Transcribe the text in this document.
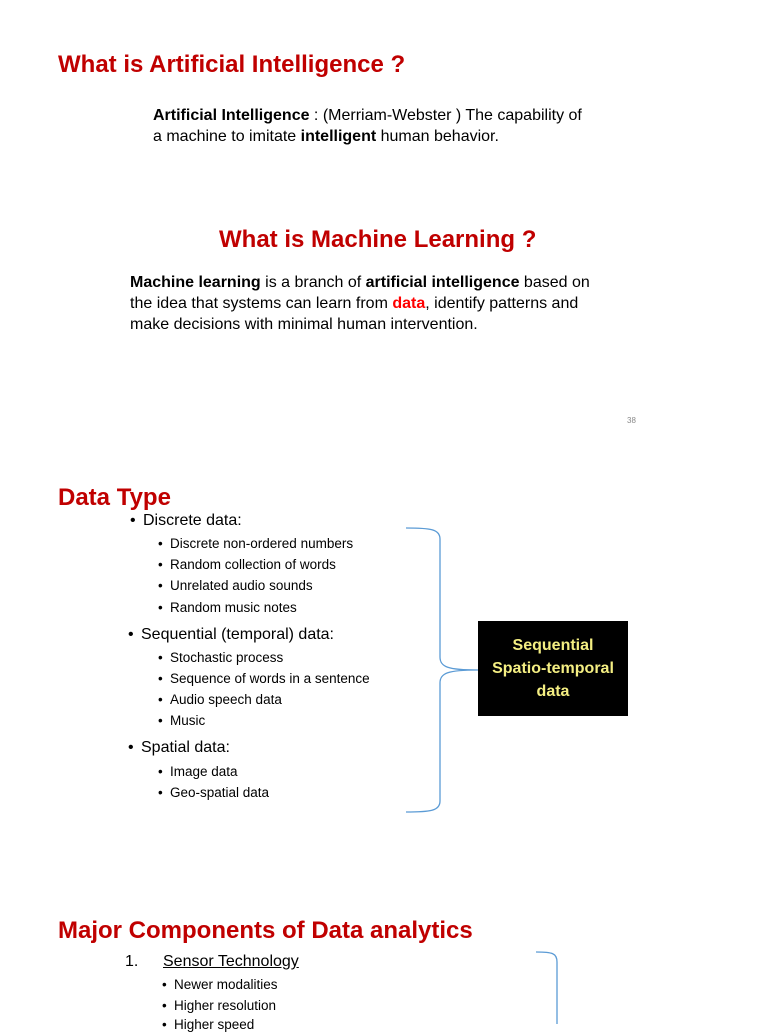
What is Artificial Intelligence ?
Artificial Intelligence : (Merriam-Webster ) The capability of
a machine to imitate intelligent human behavior.
What is Machine Learning ?
Machine learning is a branch of artificial intelligence based on
the idea that systems can learn from data, identify patterns and
make decisions with minimal human intervention.
38
Data Type
• Discrete data:
• Discrete non-ordered numbers
• Random collection of words
• Unrelated audio sounds
• Random music notes
• Sequential (temporal) data:
• Stochastic process
• Sequence of words in a sentence
• Audio speech data
• Music
• Spatial data:
• Image data
• Geo-spatial data
Sequential
Spatio-temporal
data
Major Components of Data analytics
1. Sensor Technology
• Newer modalities
• Higher resolution
• Higher speed
